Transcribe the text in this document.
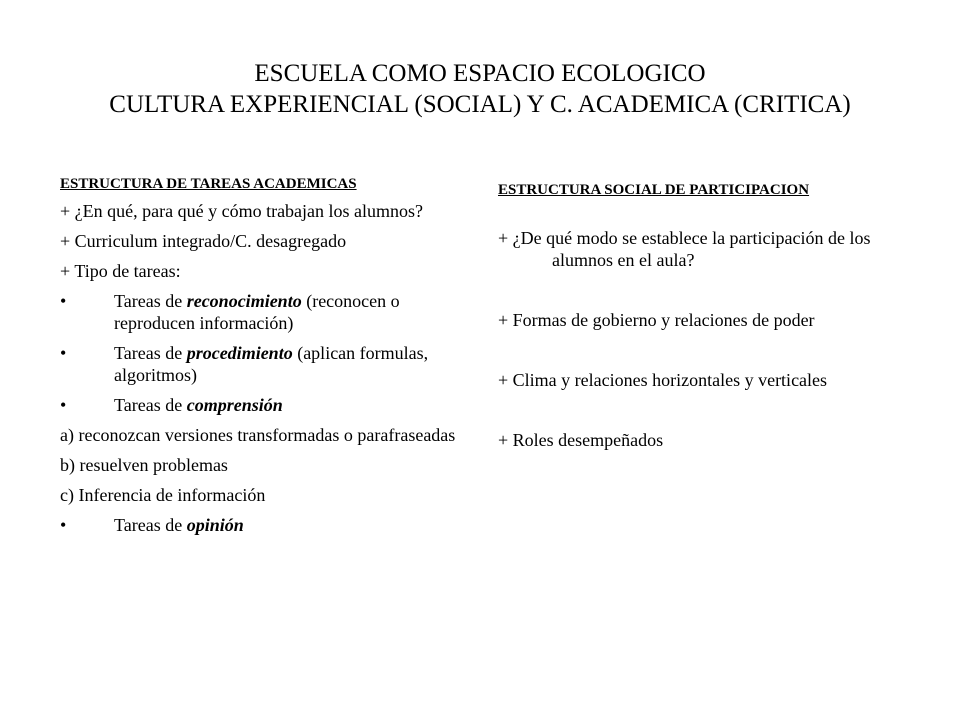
ESCUELA COMO ESPACIO ECOLOGICO
CULTURA EXPERIENCIAL (SOCIAL) Y C. ACADEMICA (CRITICA)
ESTRUCTURA DE TAREAS ACADEMICAS
+ ¿En qué, para qué y cómo trabajan los alumnos?
+ Curriculum integrado/C. desagregado
+ Tipo de tareas:
•	Tareas de reconocimiento (reconocen o reproducen información)
•	Tareas de procedimiento (aplican formulas, algoritmos)
•	Tareas de comprensión
a) reconozcan versiones transformadas o parafraseadas
b) resuelven problemas
c) Inferencia de información
•	Tareas de opinión
ESTRUCTURA SOCIAL DE PARTICIPACION
+ ¿De qué modo se establece la participación de los alumnos en el aula?
+ Formas de gobierno y relaciones de poder
+ Clima y relaciones horizontales y verticales
+ Roles desempeñados
